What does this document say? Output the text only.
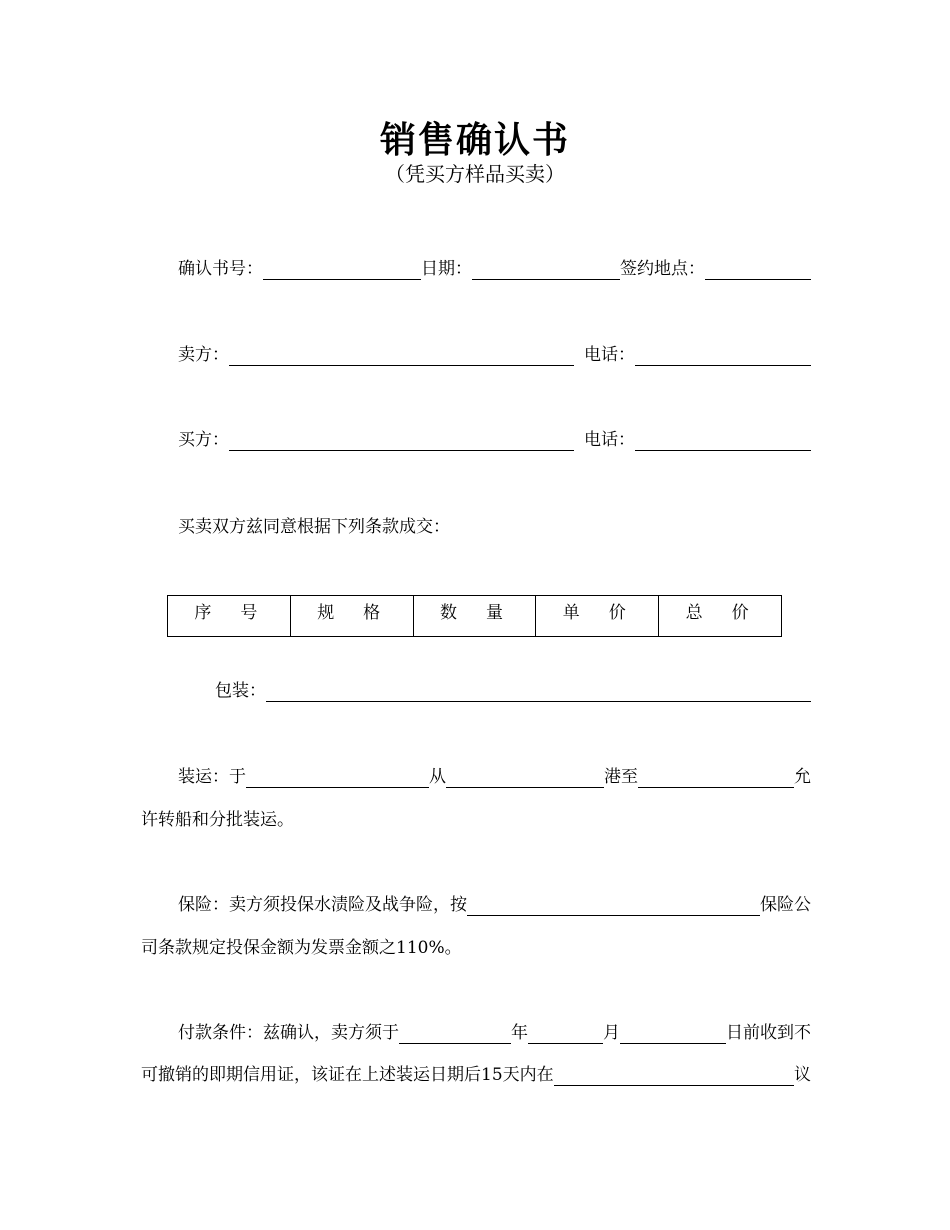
销售确认书
（凭买方样品买卖）
确认书号：	日期：	签约地点：
卖方：	电话：
买方：	电话：
买卖双方兹同意根据下列条款成交：
序　号	规　格	数　量	单　价	总　价
包装：
装运：于	从	港至	允
许转船和分批装运。
保险：卖方须投保水渍险及战争险，按	保险公
司条款规定投保金额为发票金额之110%。
付款条件：兹确认，卖方须于	年	月	日前收到不
可撤销的即期信用证，该证在上述装运日期后15天内在	议
